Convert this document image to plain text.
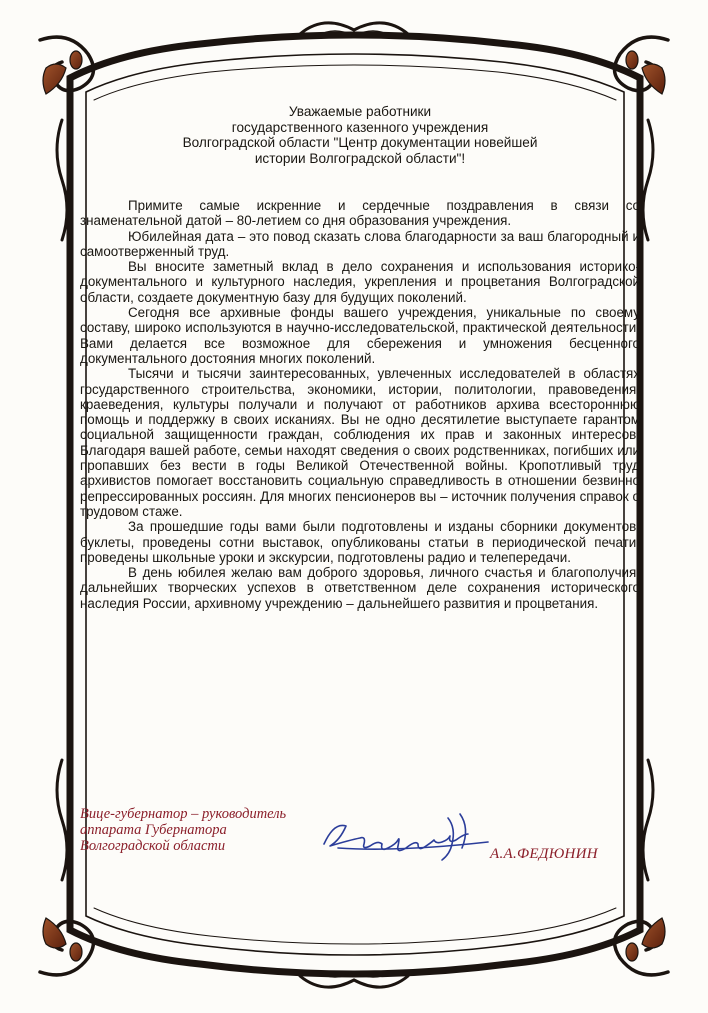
Уважаемые работники
государственного казенного учреждения
Волгоградской области "Центр документации новейшей
истории Волгоградской области"!

Примите самые искренние и сердечные поздравления в связи со знаменательной датой – 80-летием со дня образования учреждения.

Юбилейная дата – это повод сказать слова благодарности за ваш благородный и самоотверженный труд.

Вы вносите заметный вклад в дело сохранения и использования историко-документального и культурного наследия, укрепления и процветания Волгоградской области, создаете документную базу для будущих поколений.

Сегодня все архивные фонды вашего учреждения, уникальные по своему составу, широко используются в научно-исследовательской, практической деятельности. Вами делается все возможное для сбережения и умножения бесценного документального достояния многих поколений.

Тысячи и тысячи заинтересованных, увлеченных исследователей в областях государственного строительства, экономики, истории, политологии, правоведения, краеведения, культуры получали и получают от работников архива всестороннюю помощь и поддержку в своих исканиях. Вы не одно десятилетие выступаете гарантом социальной защищенности граждан, соблюдения их прав и законных интересов. Благодаря вашей работе, семьи находят сведения о своих родственниках, погибших или пропавших без вести в годы Великой Отечественной войны. Кропотливый труд архивистов помогает восстановить социальную справедливость в отношении безвинно репрессированных россиян. Для многих пенсионеров вы – источник получения справок о трудовом стаже.

За прошедшие годы вами были подготовлены и изданы сборники документов, буклеты, проведены сотни выставок, опубликованы статьи в периодической печати, проведены школьные уроки и экскурсии, подготовлены радио и телепередачи.

В день юбилея желаю вам доброго здоровья, личного счастья и благополучия, дальнейших творческих успехов в ответственном деле сохранения исторического наследия России, архивному учреждению – дальнейшего развития и процветания.

Вице-губернатор – руководитель
аппарата Губернатора
Волгоградской области	А.А.ФЕДЮНИН
